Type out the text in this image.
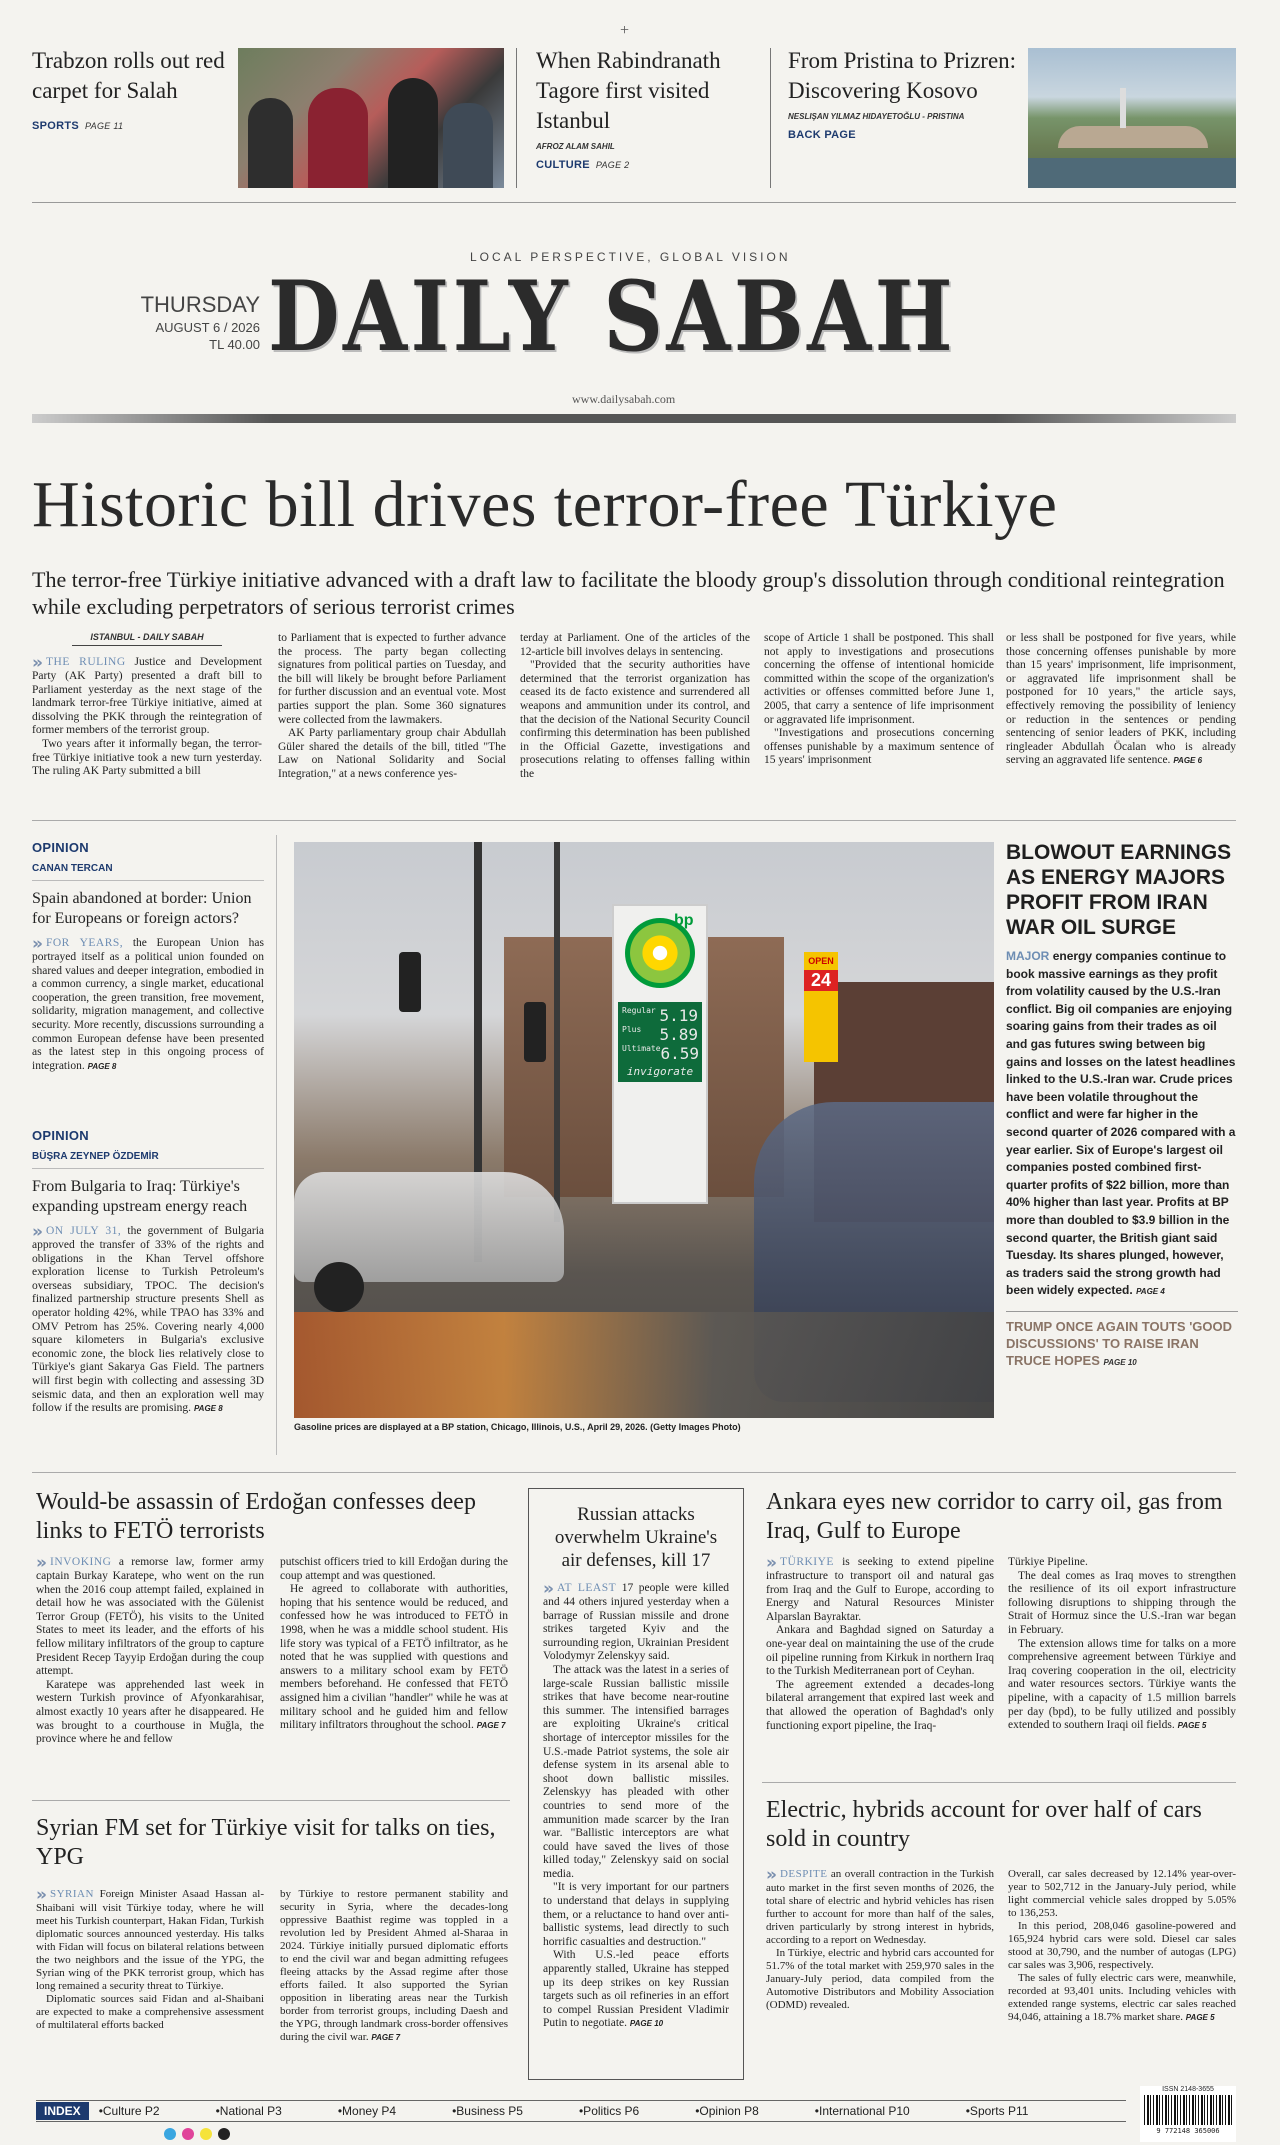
+
Trabzon rolls out red carpet for Salah
SPORTS PAGE 11
When Rabindranath Tagore first visited Istanbul
AFROZ ALAM SAHIL
CULTURE PAGE 2
From Pristina to Prizren: Discovering Kosovo
NESLIŞAN YILMAZ HIDAYETOĞLU - PRISTINA
BACK PAGE
LOCAL PERSPECTIVE, GLOBAL VISION
THURSDAY
AUGUST 6 / 2026
TL 40.00 DAILY SABAH
www.dailysabah.com
Historic bill drives terror-free Türkiye
The terror-free Türkiye initiative advanced with a draft law to facilitate the bloody group's dissolution through conditional reintegration while excluding perpetrators of serious terrorist crimes
ISTANBUL - DAILY SABAH
» THE RULING Justice and Development Party (AK Party) presented a draft bill to Parliament yesterday as the next stage of the landmark terror-free Türkiye initiative, aimed at dissolving the PKK through the reintegration of former members of the terrorist group.

Two years after it informally began, the terror-free Türkiye initiative took a new turn yesterday. The ruling AK Party submitted a bill

to Parliament that is expected to further advance the process. The party began collecting signatures from political parties on Tuesday, and the bill will likely be brought before Parliament for further discussion and an eventual vote. Most parties support the plan. Some 360 signatures were collected from the lawmakers.

AK Party parliamentary group chair Abdullah Güler shared the details of the bill, titled "The Law on National Solidarity and Social Integration," at a news conference yes-

terday at Parliament. One of the articles of the 12-article bill involves delays in sentencing.

"Provided that the security authorities have determined that the terrorist organization has ceased its de facto existence and surrendered all weapons and ammunition under its control, and that the decision of the National Security Council confirming this determination has been published in the Official Gazette, investigations and prosecutions relating to offenses falling within the

scope of Article 1 shall be postponed. This shall not apply to investigations and prosecutions concerning the offense of intentional homicide committed within the scope of the organization's activities or offenses committed before June 1, 2005, that carry a sentence of life imprisonment or aggravated life imprisonment.

"Investigations and prosecutions concerning offenses punishable by a maximum sentence of 15 years' imprisonment

or less shall be postponed for five years, while those concerning offenses punishable by more than 15 years' imprisonment, life imprisonment, or aggravated life imprisonment shall be postponed for 10 years," the article says, effectively removing the possibility of leniency or reduction in the sentences or pending sentencing of senior leaders of PKK, including ringleader Abdullah Öcalan who is already serving an aggravated life sentence. PAGE 6
OPINION
CANAN TERCAN
Spain abandoned at border: Union for Europeans or foreign actors?
» FOR YEARS, the European Union has portrayed itself as a political union founded on shared values and deeper integration, embodied in a common currency, a single market, educational cooperation, the green transition, free movement, solidarity, migration management, and collective security. More recently, discussions surrounding a common European defense have been presented as the latest step in this ongoing process of integration. PAGE 8
OPINION
BÜŞRA ZEYNEP ÖZDEMİR
From Bulgaria to Iraq: Türkiye's expanding upstream energy reach
» ON JULY 31, the government of Bulgaria approved the transfer of 33% of the rights and obligations in the Khan Tervel offshore exploration license to Turkish Petroleum's overseas subsidiary, TPOC. The decision's finalized partnership structure presents Shell as operator holding 42%, while TPAO has 33% and OMV Petrom has 25%. Covering nearly 4,000 square kilometers in Bulgaria's exclusive economic zone, the block lies relatively close to Türkiye's giant Sakarya Gas Field. The partners will first begin with collecting and assessing 3D seismic data, and then an exploration well may follow if the results are promising. PAGE 8
bp
Regular 5.19
Plus 5.89
Ultimate 6.59
invigorate
OPEN
24
Gasoline prices are displayed at a BP station, Chicago, Illinois, U.S., April 29, 2026. (Getty Images Photo)
BLOWOUT EARNINGS AS ENERGY MAJORS PROFIT FROM IRAN WAR OIL SURGE
MAJOR energy companies continue to book massive earnings as they profit from volatility caused by the U.S.-Iran conflict. Big oil companies are enjoying soaring gains from their trades as oil and gas futures swing between big gains and losses on the latest headlines linked to the U.S.-Iran war. Crude prices have been volatile throughout the conflict and were far higher in the second quarter of 2026 compared with a year earlier. Six of Europe's largest oil companies posted combined first-quarter profits of $22 billion, more than 40% higher than last year. Profits at BP more than doubled to $3.9 billion in the second quarter, the British giant said Tuesday. Its shares plunged, however, as traders said the strong growth had been widely expected. PAGE 4
TRUMP ONCE AGAIN TOUTS 'GOOD DISCUSSIONS' TO RAISE IRAN TRUCE HOPES PAGE 10
Would-be assassin of Erdoğan confesses deep links to FETÖ terrorists
» INVOKING a remorse law, former army captain Burkay Karatepe, who went on the run when the 2016 coup attempt failed, explained in detail how he was associated with the Gülenist Terror Group (FETÖ), his visits to the United States to meet its leader, and the efforts of his fellow military infiltrators of the group to capture President Recep Tayyip Erdoğan during the coup attempt.

Karatepe was apprehended last week in western Turkish province of Afyonkarahisar, almost exactly 10 years after he disappeared. He was brought to a courthouse in Muğla, the province where he and fellow

putschist officers tried to kill Erdoğan during the coup attempt and was questioned.

He agreed to collaborate with authorities, hoping that his sentence would be reduced, and confessed how he was introduced to FETÖ in 1998, when he was a middle school student. His life story was typical of a FETÖ infiltrator, as he noted that he was supplied with questions and answers to a military school exam by FETÖ members beforehand. He confessed that FETÖ assigned him a civilian "handler" while he was at military school and he guided him and fellow military infiltrators throughout the school. PAGE 7

Russian attacks overwhelm Ukraine's air defenses, kill 17
» AT LEAST 17 people were killed and 44 others injured yesterday when a barrage of Russian missile and drone strikes targeted Kyiv and the surrounding region, Ukrainian President Volodymyr Zelenskyy said.

The attack was the latest in a series of large-scale Russian ballistic missile strikes that have become near-routine this summer. The intensified barrages are exploiting Ukraine's critical shortage of interceptor missiles for the U.S.-made Patriot systems, the sole air defense system in its arsenal able to shoot down ballistic missiles. Zelenskyy has pleaded with other countries to send more of the ammunition made scarcer by the Iran war. "Ballistic interceptors are what could have saved the lives of those killed today," Zelenskyy said on social media.

"It is very important for our partners to understand that delays in supplying them, or a reluctance to hand over anti-ballistic systems, lead directly to such horrific casualties and destruction."

With U.S.-led peace efforts apparently stalled, Ukraine has stepped up its deep strikes on key Russian targets such as oil refineries in an effort to compel Russian President Vladimir Putin to negotiate. PAGE 10

Ankara eyes new corridor to carry oil, gas from Iraq, Gulf to Europe
» TÜRKIYE is seeking to extend pipeline infrastructure to transport oil and natural gas from Iraq and the Gulf to Europe, according to Energy and Natural Resources Minister Alparslan Bayraktar.

Ankara and Baghdad signed on Saturday a one-year deal on maintaining the use of the crude oil pipeline running from Kirkuk in northern Iraq to the Turkish Mediterranean port of Ceyhan.

The agreement extended a decades-long bilateral arrangement that expired last week and that allowed the operation of Baghdad's only functioning export pipeline, the Iraq-

Türkiye Pipeline.

The deal comes as Iraq moves to strengthen the resilience of its oil export infrastructure following disruptions to shipping through the Strait of Hormuz since the U.S.-Iran war began in February.

The extension allows time for talks on a more comprehensive agreement between Türkiye and Iraq covering cooperation in the oil, electricity and water resources sectors. Türkiye wants the pipeline, with a capacity of 1.5 million barrels per day (bpd), to be fully utilized and possibly extended to southern Iraqi oil fields. PAGE 5

Syrian FM set for Türkiye visit for talks on ties, YPG
» SYRIAN Foreign Minister Asaad Hassan al-Shaibani will visit Türkiye today, where he will meet his Turkish counterpart, Hakan Fidan, Turkish diplomatic sources announced yesterday. His talks with Fidan will focus on bilateral relations between the two neighbors and the issue of the YPG, the Syrian wing of the PKK terrorist group, which has long remained a security threat to Türkiye.

Diplomatic sources said Fidan and al-Shaibani are expected to make a comprehensive assessment of multilateral efforts backed

by Türkiye to restore permanent stability and security in Syria, where the decades-long oppressive Baathist regime was toppled in a revolution led by President Ahmed al-Sharaa in 2024. Türkiye initially pursued diplomatic efforts to end the civil war and began admitting refugees fleeing attacks by the Assad regime after those efforts failed. It also supported the Syrian opposition in liberating areas near the Turkish border from terrorist groups, including Daesh and the YPG, through landmark cross-border offensives during the civil war. PAGE 7
Electric, hybrids account for over half of cars sold in country
» DESPITE an overall contraction in the Turkish auto market in the first seven months of 2026, the total share of electric and hybrid vehicles has risen further to account for more than half of the sales, driven particularly by strong interest in hybrids, according to a report on Wednesday.

In Türkiye, electric and hybrid cars accounted for 51.7% of the total market with 259,970 sales in the January-July period, data compiled from the Automotive Distributors and Mobility Association (ODMD) revealed.

Overall, car sales decreased by 12.14% year-over-year to 502,712 in the January-July period, while light commercial vehicle sales dropped by 5.05% to 136,253.

In this period, 208,046 gasoline-powered and 165,924 hybrid cars were sold. Diesel car sales stood at 30,790, and the number of autogas (LPG) car sales was 3,906, respectively.

The sales of fully electric cars were, meanwhile, recorded at 93,401 units. Including vehicles with extended range systems, electric car sales reached 94,046, attaining a 18.7% market share. PAGE 5

INDEX	•Culture P2	•National P3	•Money P4	•Business P5	•Politics P6	•Opinion P8	•International P10	•Sports P11
ISSN 2148-3655
9 772148 365006
